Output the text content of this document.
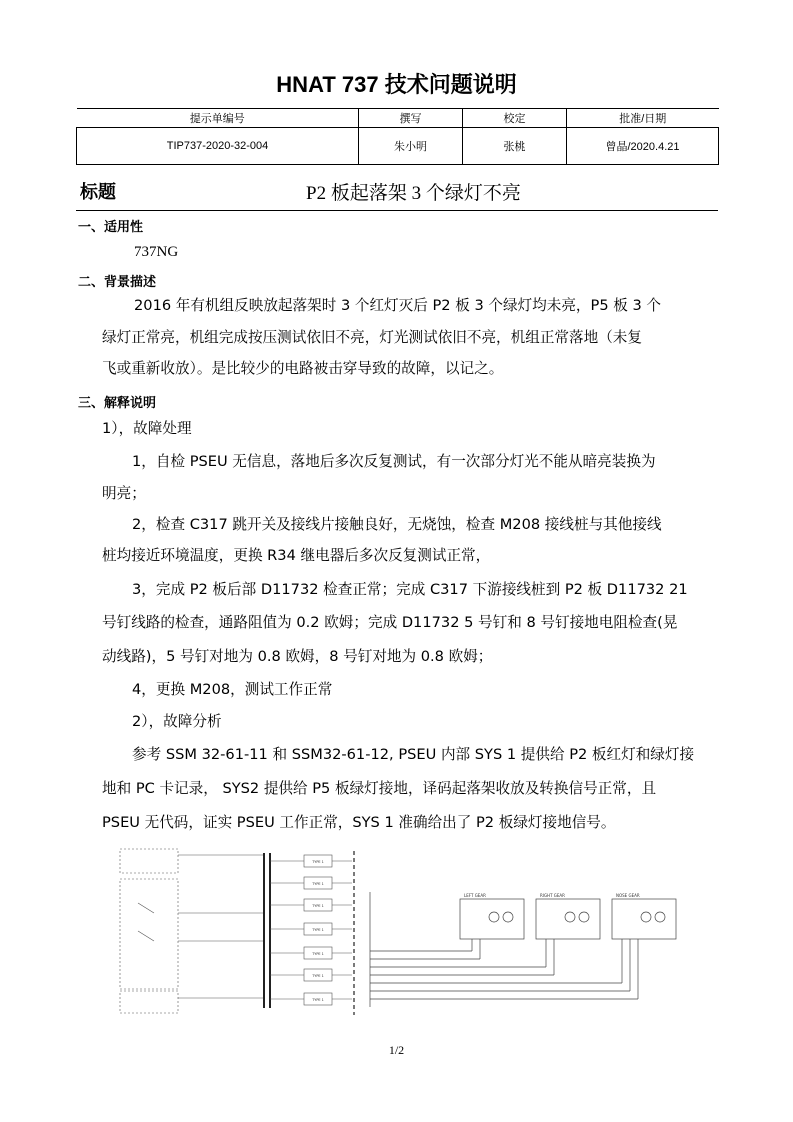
HNAT 737 技术问题说明
提示单编号	撰写	校定	批准/日期
TIP737-2020-32-004	朱小明	张桃	曾晶/2020.4.21
标题	P2 板起落架 3 个绿灯不亮
一、适用性
737NG
二、背景描述
2016 年有机组反映放起落架时 3 个红灯灭后 P2 板 3 个绿灯均未亮，P5 板 3 个
绿灯正常亮，机组完成按压测试依旧不亮，灯光测试依旧不亮，机组正常落地（未复
飞或重新收放）。是比较少的电路被击穿导致的故障，以记之。
三、解释说明
1），故障处理
1，自检 PSEU 无信息，落地后多次反复测试，有一次部分灯光不能从暗亮装换为
明亮；
2，检查 C317 跳开关及接线片接触良好，无烧蚀，检查 M208 接线桩与其他接线
桩均接近环境温度，更换 R34 继电器后多次反复测试正常，
3，完成 P2 板后部 D11732 检查正常；完成 C317 下游接线桩到 P2 板 D11732 21
号钉线路的检查，通路阻值为 0.2 欧姆；完成 D11732 5 号钉和 8 号钉接地电阻检查(晃
动线路)，5 号钉对地为 0.8 欧姆，8 号钉对地为 0.8 欧姆；
4，更换 M208，测试工作正常
2），故障分析
参考 SSM 32-61-11 和 SSM32-61-12, PSEU 内部 SYS 1 提供给 P2 板红灯和绿灯接
地和 PC 卡记录， SYS2 提供给 P5 板绿灯接地，译码起落架收放及转换信号正常，且
PSEU 无代码，证实 PSEU 工作正常，SYS 1 准确给出了 P2 板绿灯接地信号。
TYPE 1
TYPE 1
TYPE 1
TYPE 1
TYPE 1
TYPE 1
TYPE 1
LEFT GEAR	RIGHT GEAR	NOSE GEAR
1/2
